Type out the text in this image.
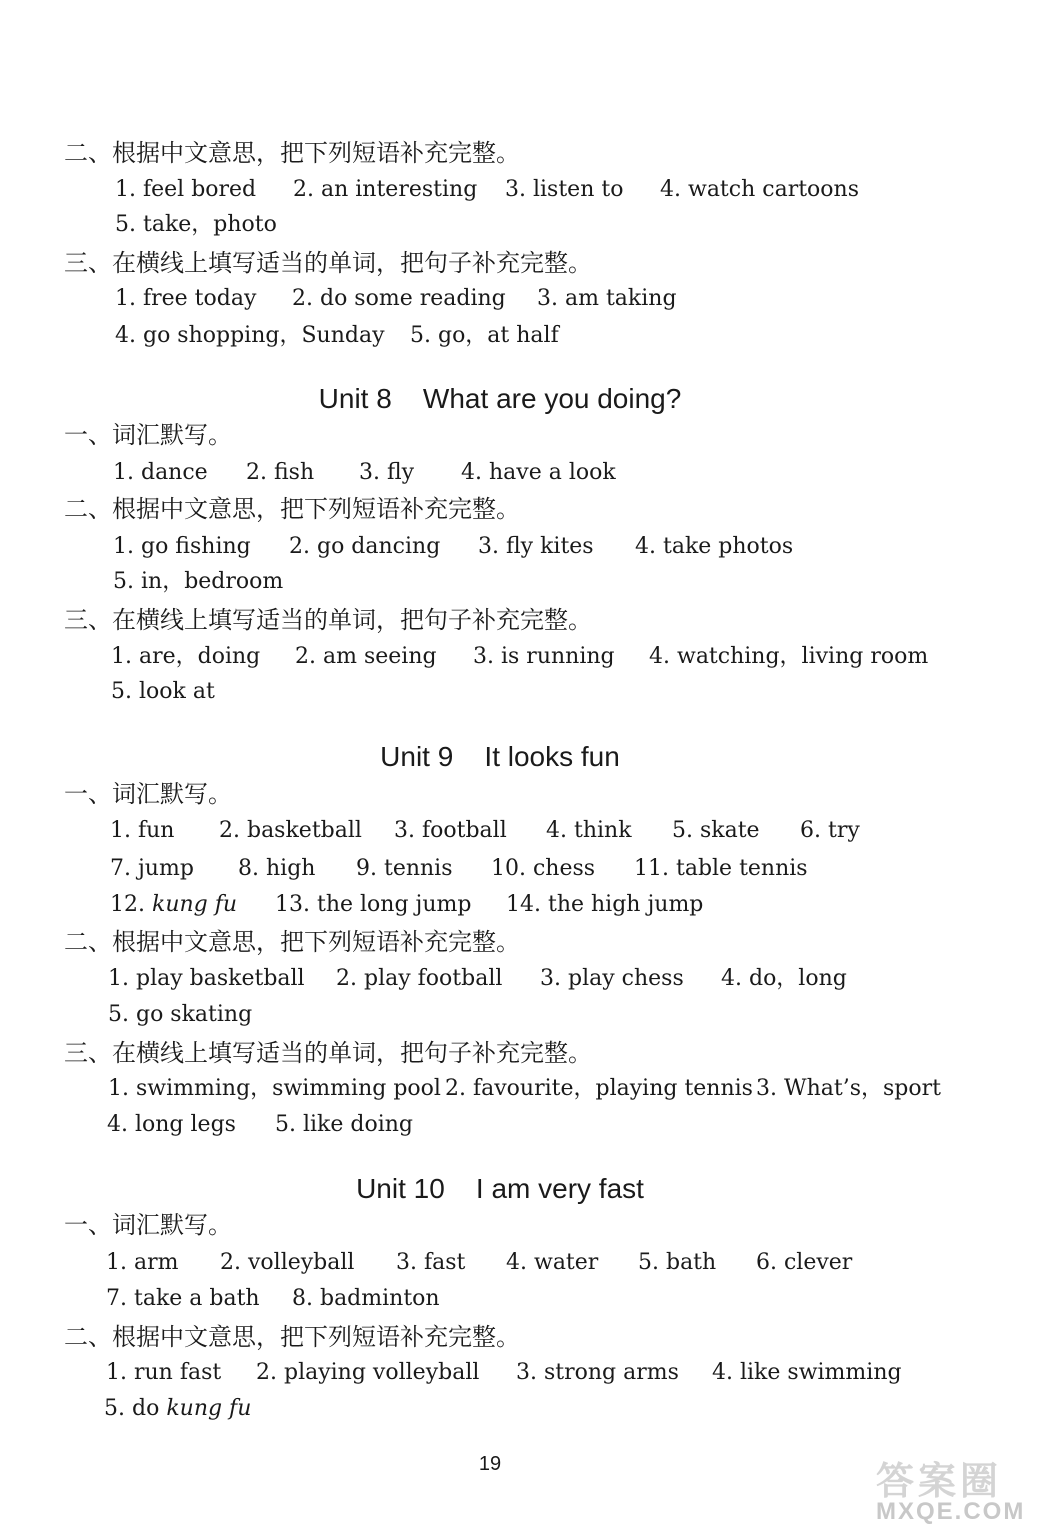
二、根据中文意思，把下列短语补充完整。
1. feel bored 2. an interesting 3. listen to 4. watch cartoons
5. take，photo
三、在横线上填写适当的单词，把句子补充完整。
1. free today 2. do some reading 3. am taking
4. go shopping，Sunday 5. go，at half
Unit 8    What are you doing?
一、词汇默写。
1. dance 2. fish 3. fly 4. have a look
二、根据中文意思，把下列短语补充完整。
1. go fishing 2. go dancing 3. fly kites 4. take photos
5. in，bedroom
三、在横线上填写适当的单词，把句子补充完整。
1. are，doing 2. am seeing 3. is running 4. watching，living room
5. look at
Unit 9    It looks fun
一、词汇默写。
1. fun 2. basketball 3. football 4. think 5. skate 6. try
7. jump 8. high 9. tennis 10. chess 11. table tennis
12. kung fu 13. the long jump 14. the high jump
二、根据中文意思，把下列短语补充完整。
1. play basketball 2. play football 3. play chess 4. do，long
5. go skating
三、在横线上填写适当的单词，把句子补充完整。
1. swimming，swimming pool 2. favourite，playing tennis 3. What’s，sport
4. long legs 5. like doing
Unit 10    I am very fast
一、词汇默写。
1. arm 2. volleyball 3. fast 4. water 5. bath 6. clever
7. take a bath 8. badminton
二、根据中文意思，把下列短语补充完整。
1. run fast 2. playing volleyball 3. strong arms 4. like swimming
5. do kung fu
19	答案圈
MXQE.COM
